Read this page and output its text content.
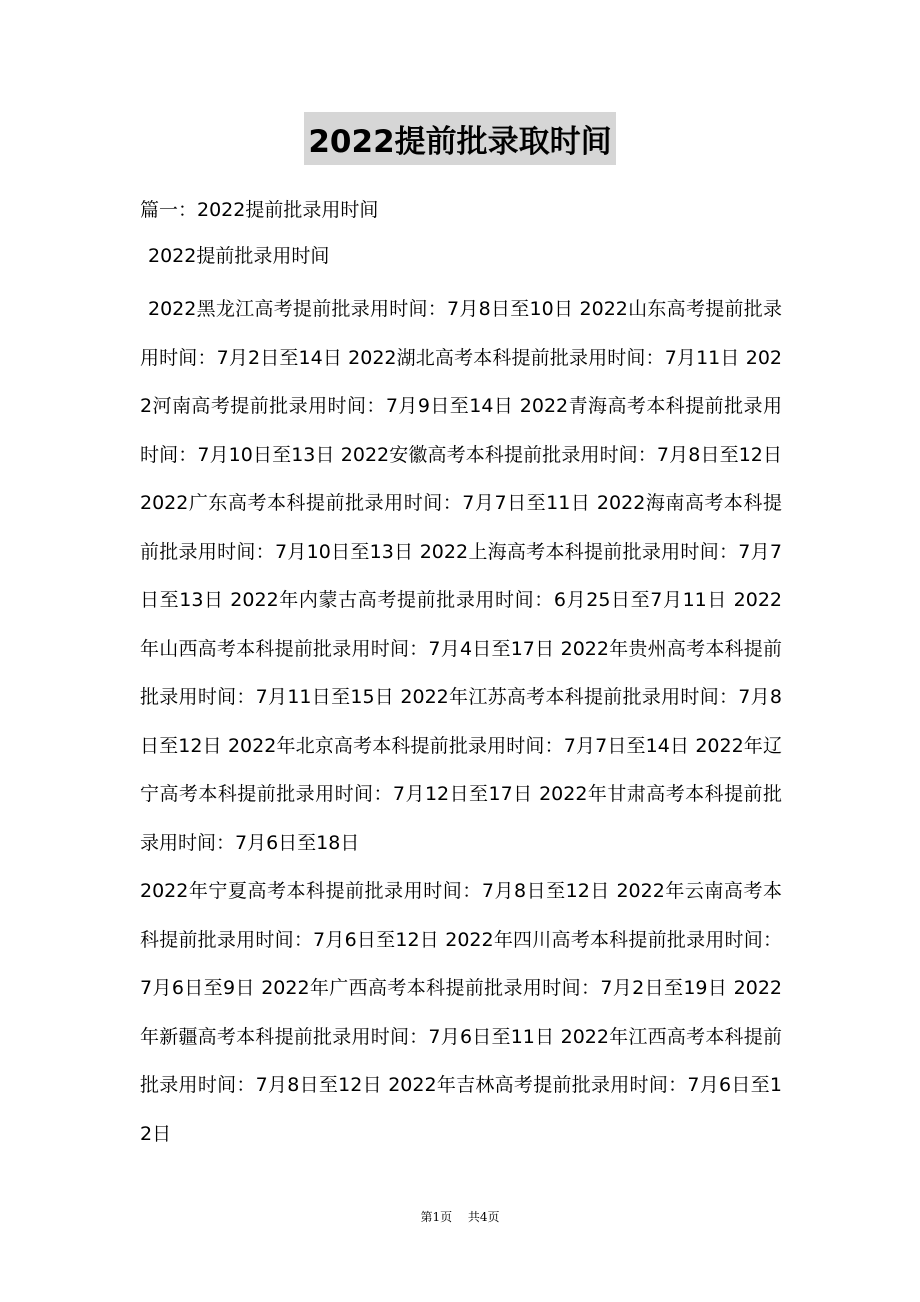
2022提前批录取时间
篇一：2022提前批录用时间
2022提前批录用时间

2022黑龙江高考提前批录用时间：7月8日至10日 2022山东高考提前批录用时间：7月2日至14日 2022湖北高考本科提前批录用时间：7月11日 2022河南高考提前批录用时间：7月9日至14日 2022青海高考本科提前批录用时间：7月10日至13日 2022安徽高考本科提前批录用时间：7月8日至12日 2022广东高考本科提前批录用时间：7月7日至11日 2022海南高考本科提前批录用时间：7月10日至13日 2022上海高考本科提前批录用时间：7月7日至13日 2022年内蒙古高考提前批录用时间：6月25日至7月11日 2022年山西高考本科提前批录用时间：7月4日至17日 2022年贵州高考本科提前批录用时间：7月11日至15日 2022年江苏高考本科提前批录用时间：7月8日至12日 2022年北京高考本科提前批录用时间：7月7日至14日 2022年辽宁高考本科提前批录用时间：7月12日至17日 2022年甘肃高考本科提前批录用时间：7月6日至18日

2022年宁夏高考本科提前批录用时间：7月8日至12日 2022年云南高考本科提前批录用时间：7月6日至12日 2022年四川高考本科提前批录用时间：7月6日至9日 2022年广西高考本科提前批录用时间：7月2日至19日 2022年新疆高考本科提前批录用时间：7月6日至11日 2022年江西高考本科提前批录用时间：7月8日至12日 2022年吉林高考提前批录用时间：7月6日至12日

第1页 共4页
